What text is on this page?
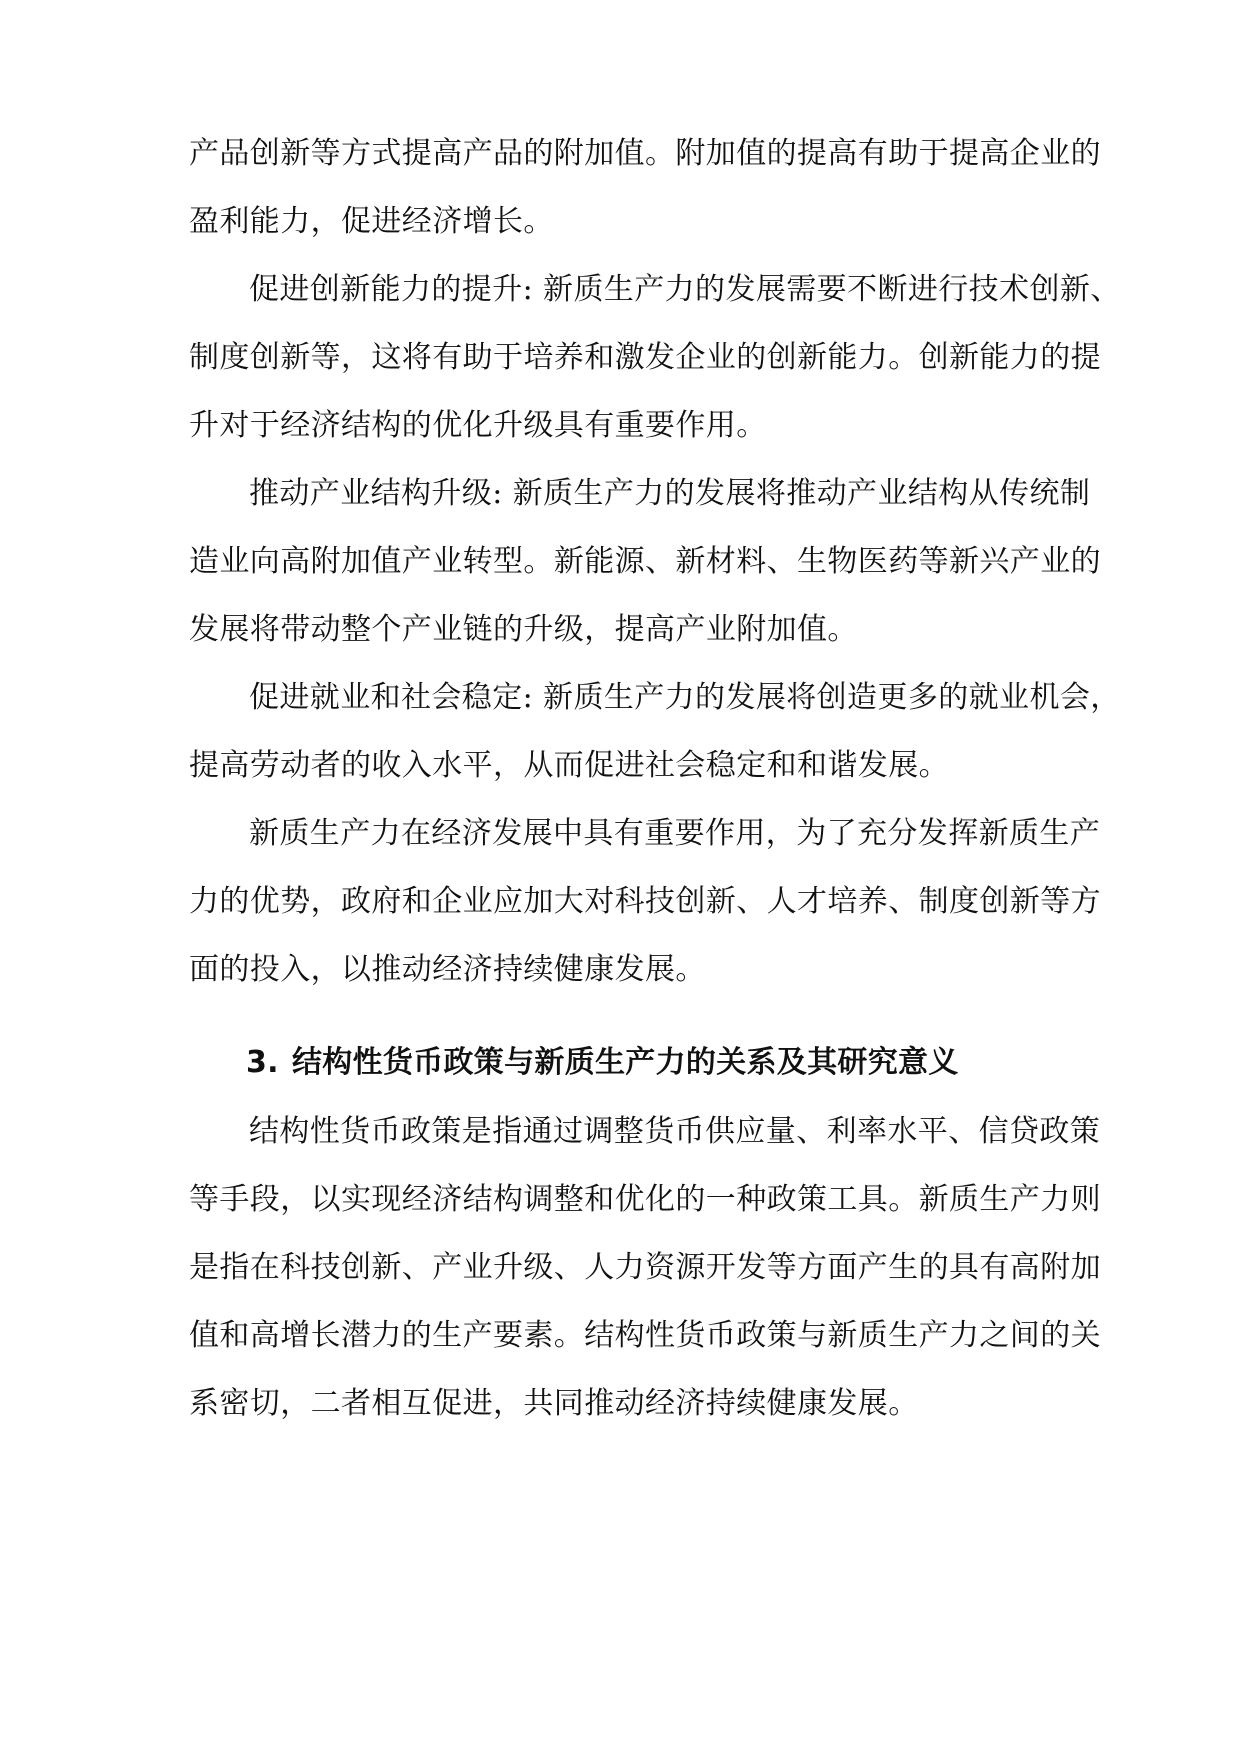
产品创新等方式提高产品的附加值。附加值的提高有助于提高企业的
盈利能力，促进经济增长。
促进创新能力的提升: 新质生产力的发展需要不断进行技术创新、
制度创新等，这将有助于培养和激发企业的创新能力。创新能力的提
升对于经济结构的优化升级具有重要作用。
推动产业结构升级: 新质生产力的发展将推动产业结构从传统制
造业向高附加值产业转型。新能源、新材料、生物医药等新兴产业的
发展将带动整个产业链的升级，提高产业附加值。
促进就业和社会稳定: 新质生产力的发展将创造更多的就业机会，
提高劳动者的收入水平，从而促进社会稳定和和谐发展。
新质生产力在经济发展中具有重要作用，为了充分发挥新质生产
力的优势，政府和企业应加大对科技创新、人才培养、制度创新等方
面的投入，以推动经济持续健康发展。
3. 结构性货币政策与新质生产力的关系及其研究意义
结构性货币政策是指通过调整货币供应量、利率水平、信贷政策
等手段，以实现经济结构调整和优化的一种政策工具。新质生产力则
是指在科技创新、产业升级、人力资源开发等方面产生的具有高附加
值和高增长潜力的生产要素。结构性货币政策与新质生产力之间的关
系密切，二者相互促进，共同推动经济持续健康发展。
